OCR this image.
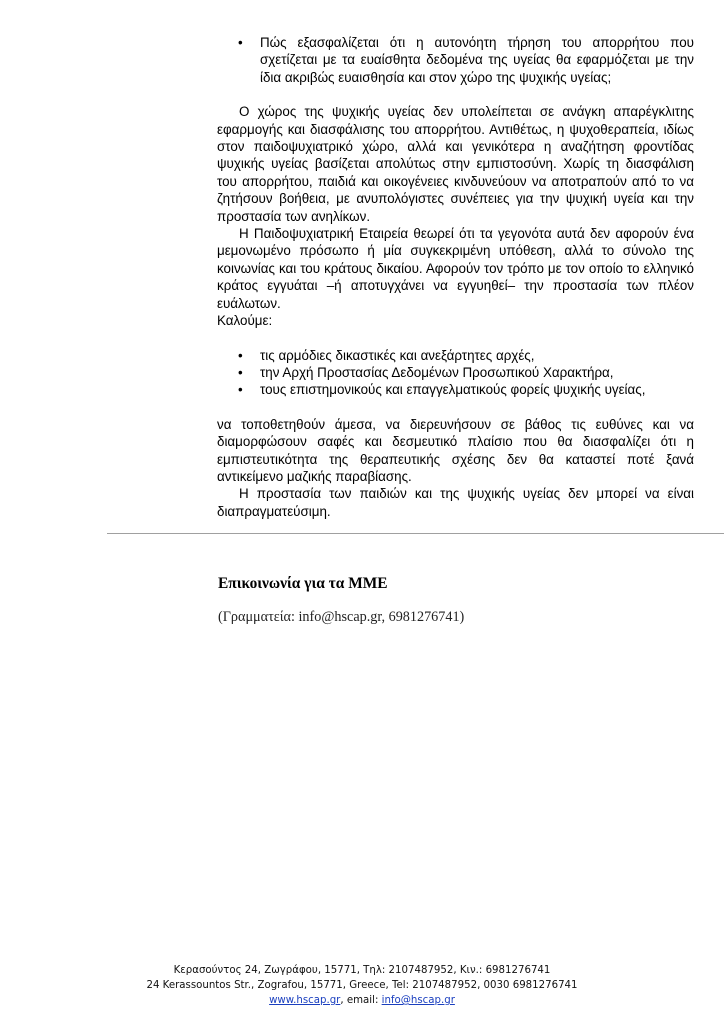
• Πώς εξασφαλίζεται ότι η αυτονόητη τήρηση του απορρήτου που σχετίζεται με τα ευαίσθητα δεδομένα της υγείας θα εφαρμόζεται με την ίδια ακριβώς ευαισθησία και στον χώρο της ψυχικής υγείας;

Ο χώρος της ψυχικής υγείας δεν υπολείπεται σε ανάγκη απαρέγκλιτης εφαρμογής και διασφάλισης του απορρήτου. Αντιθέτως, η ψυχοθεραπεία, ιδίως στον παιδοψυχιατρικό χώρο, αλλά και γενικότερα η αναζήτηση φροντίδας ψυχικής υγείας βασίζεται απολύτως στην εμπιστοσύνη. Χωρίς τη διασφάλιση του απορρήτου, παιδιά και οικογένειες κινδυνεύουν να αποτραπούν από το να ζητήσουν βοήθεια, με ανυπολόγιστες συνέπειες για την ψυχική υγεία και την προστασία των ανηλίκων.

Η Παιδοψυχιατρική Εταιρεία θεωρεί ότι τα γεγονότα αυτά δεν αφορούν ένα μεμονωμένο πρόσωπο ή μία συγκεκριμένη υπόθεση, αλλά το σύνολο της κοινωνίας και του κράτους δικαίου. Αφορούν τον τρόπο με τον οποίο το ελληνικό κράτος εγγυάται –ή αποτυγχάνει να εγγυηθεί– την προστασία των πλέον ευάλωτων.

Καλούμε:

• τις αρμόδιες δικαστικές και ανεξάρτητες αρχές,
• την Αρχή Προστασίας Δεδομένων Προσωπικού Χαρακτήρα,
• τους επιστημονικούς και επαγγελματικούς φορείς ψυχικής υγείας,

να τοποθετηθούν άμεσα, να διερευνήσουν σε βάθος τις ευθύνες και να διαμορφώσουν σαφές και δεσμευτικό πλαίσιο που θα διασφαλίζει ότι η εμπιστευτικότητα της θεραπευτικής σχέσης δεν θα καταστεί ποτέ ξανά αντικείμενο μαζικής παραβίασης.

Η προστασία των παιδιών και της ψυχικής υγείας δεν μπορεί να είναι διαπραγματεύσιμη.

Επικοινωνία για τα ΜΜΕ
(Γραμματεία: info@hscap.gr, 6981276741)
Κερασούντος 24, Ζωγράφου, 15771, Τηλ: 2107487952, Κιν.: 6981276741
24 Kerassountos Str., Zografou, 15771, Greece, Tel: 2107487952, 0030 6981276741
www.hscap.gr, email: info@hscap.gr
